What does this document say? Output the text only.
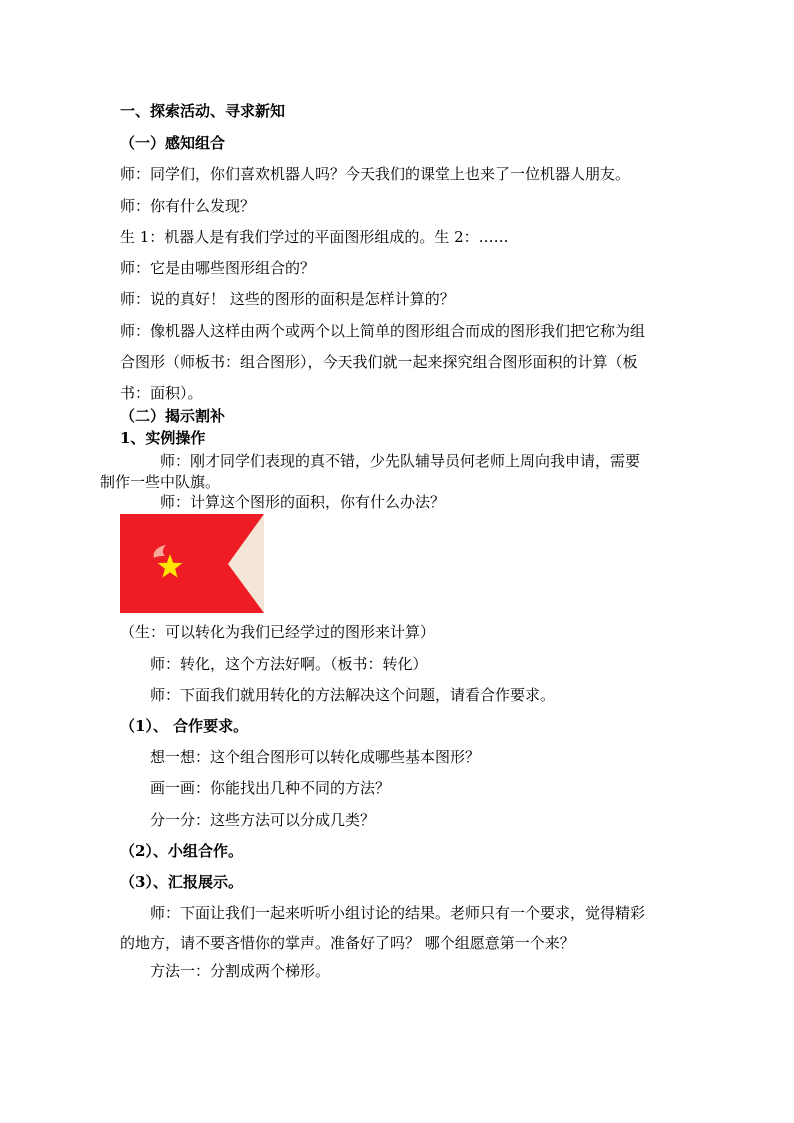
一、探索活动、寻求新知
（一）感知组合
师：同学们，你们喜欢机器人吗？今天我们的课堂上也来了一位机器人朋友。
师：你有什么发现？
生 1：机器人是有我们学过的平面图形组成的。生 2：……
师：它是由哪些图形组合的？
师：说的真好！ 这些的图形的面积是怎样计算的？
师：像机器人这样由两个或两个以上简单的图形组合而成的图形我们把它称为组
合图形（师板书：组合图形），今天我们就一起来探究组合图形面积的计算（板
书：面积）。
（二）揭示割补
1、实例操作
师：刚才同学们表现的真不错，少先队辅导员何老师上周向我申请，需要
制作一些中队旗。
师：计算这个图形的面积，你有什么办法？
（生：可以转化为我们已经学过的图形来计算）
师：转化，这个方法好啊。（板书：转化）
师：下面我们就用转化的方法解决这个问题，请看合作要求。
（1）、 合作要求。
想一想：这个组合图形可以转化成哪些基本图形？
画一画：你能找出几种不同的方法？
分一分：这些方法可以分成几类？
（2）、小组合作。
（3）、汇报展示。
师：下面让我们一起来听听小组讨论的结果。老师只有一个要求，觉得精彩
的地方，请不要吝惜你的掌声。准备好了吗？ 哪个组愿意第一个来？
方法一：分割成两个梯形。
